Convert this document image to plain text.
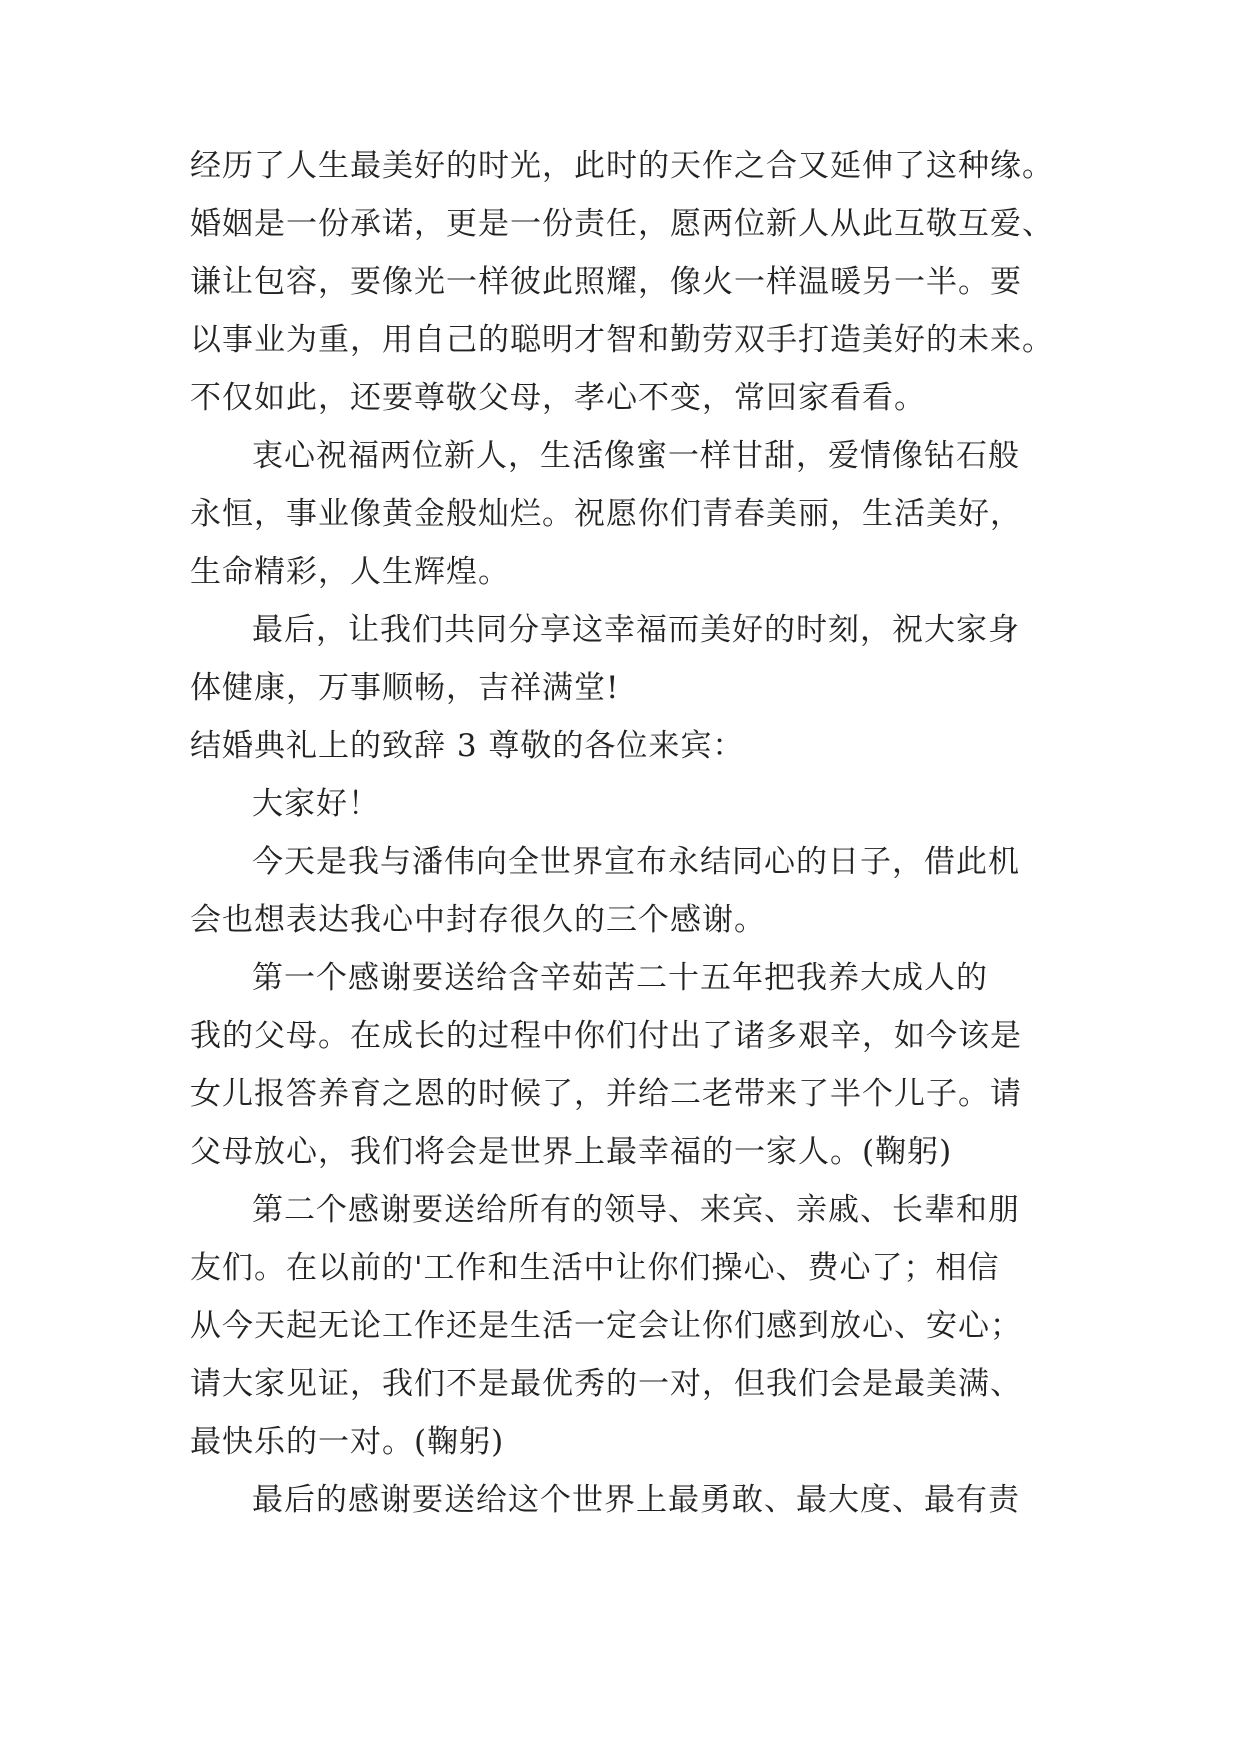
经历了人生最美好的时光，此时的天作之合又延伸了这种缘。
婚姻是一份承诺，更是一份责任，愿两位新人从此互敬互爱、
谦让包容，要像光一样彼此照耀，像火一样温暖另一半。要
以事业为重，用自己的聪明才智和勤劳双手打造美好的未来。
不仅如此，还要尊敬父母，孝心不变，常回家看看。
衷心祝福两位新人，生活像蜜一样甘甜，爱情像钻石般
永恒，事业像黄金般灿烂。祝愿你们青春美丽，生活美好，
生命精彩，人生辉煌。
最后，让我们共同分享这幸福而美好的时刻，祝大家身
体健康，万事顺畅，吉祥满堂!
结婚典礼上的致辞 3 尊敬的各位来宾：
大家好！
今天是我与潘伟向全世界宣布永结同心的日子，借此机
会也想表达我心中封存很久的三个感谢。
第一个感谢要送给含辛茹苦二十五年把我养大成人的
我的父母。在成长的过程中你们付出了诸多艰辛，如今该是
女儿报答养育之恩的时候了，并给二老带来了半个儿子。请
父母放心，我们将会是世界上最幸福的一家人。(鞠躬)
第二个感谢要送给所有的领导、来宾、亲戚、长辈和朋
友们。在以前的'工作和生活中让你们操心、费心了；相信
从今天起无论工作还是生活一定会让你们感到放心、安心；
请大家见证，我们不是最优秀的一对，但我们会是最美满、
最快乐的一对。(鞠躬)
最后的感谢要送给这个世界上最勇敢、最大度、最有责
